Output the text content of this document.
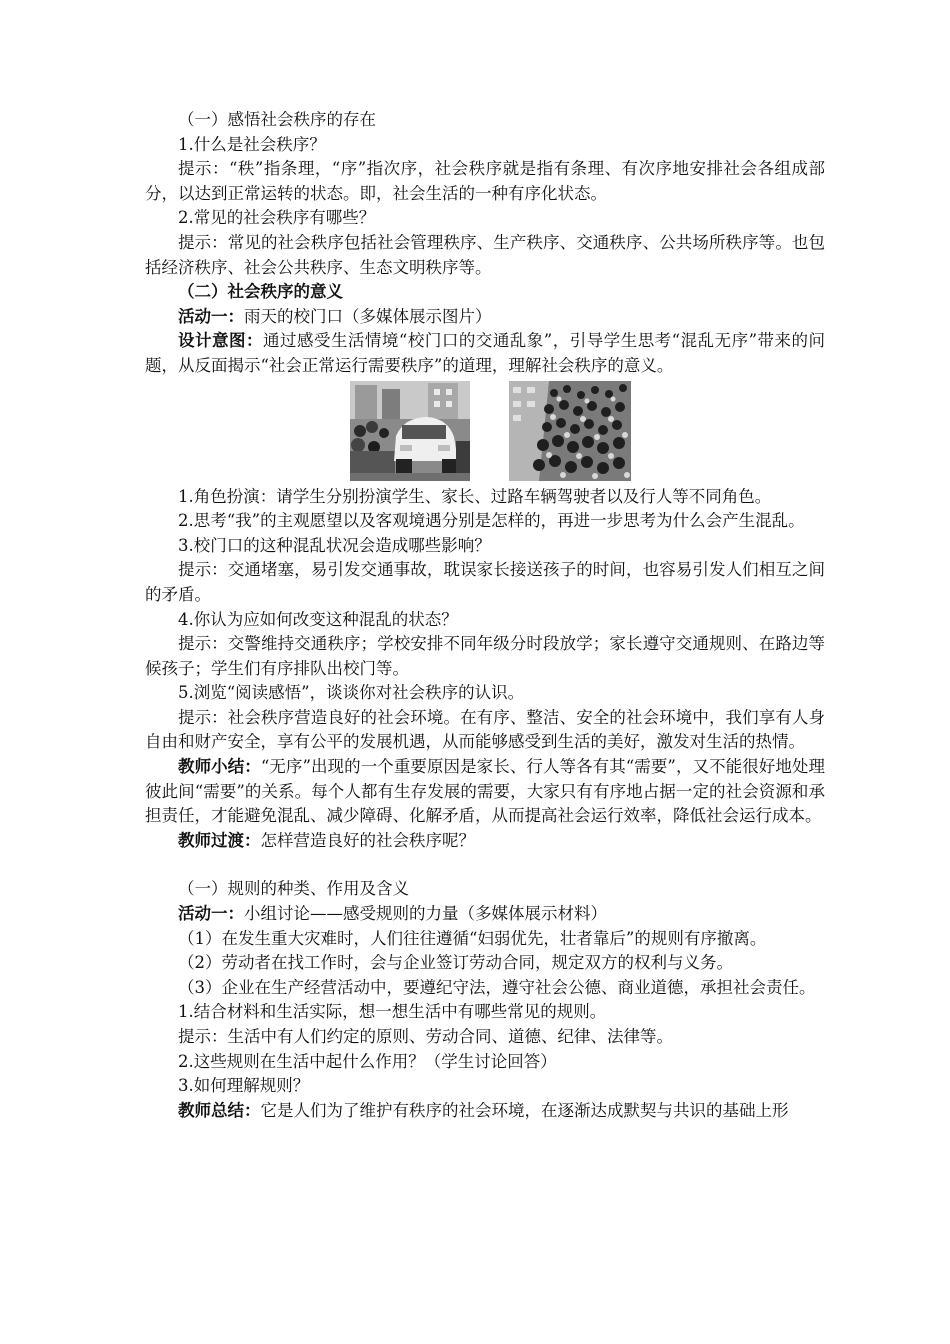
（一）感悟社会秩序的存在

1.什么是社会秩序？

提示：“秩”指条理，“序”指次序，社会秩序就是指有条理、有次序地安排社会各组成部分，以达到正常运转的状态。即，社会生活的一种有序化状态。

2.常见的社会秩序有哪些？

提示：常见的社会秩序包括社会管理秩序、生产秩序、交通秩序、公共场所秩序等。也包括经济秩序、社会公共秩序、生态文明秩序等。

（二）社会秩序的意义

活动一：雨天的校门口（多媒体展示图片）

设计意图：通过感受生活情境“校门口的交通乱象”，引导学生思考“混乱无序”带来的问题，从反面揭示“社会正常运行需要秩序”的道理，理解社会秩序的意义。

1.角色扮演：请学生分别扮演学生、家长、过路车辆驾驶者以及行人等不同角色。

2.思考“我”的主观愿望以及客观境遇分别是怎样的，再进一步思考为什么会产生混乱。

3.校门口的这种混乱状况会造成哪些影响？

提示：交通堵塞，易引发交通事故，耽误家长接送孩子的时间，也容易引发人们相互之间的矛盾。

4.你认为应如何改变这种混乱的状态？

提示：交警维持交通秩序；学校安排不同年级分时段放学；家长遵守交通规则、在路边等候孩子；学生们有序排队出校门等。

5.浏览“阅读感悟”，谈谈你对社会秩序的认识。

提示：社会秩序营造良好的社会环境。在有序、整洁、安全的社会环境中，我们享有人身自由和财产安全，享有公平的发展机遇，从而能够感受到生活的美好，激发对生活的热情。

教师小结：“无序”出现的一个重要原因是家长、行人等各有其“需要”，又不能很好地处理彼此间“需要”的关系。每个人都有生存发展的需要，大家只有有序地占据一定的社会资源和承担责任，才能避免混乱、减少障碍、化解矛盾，从而提高社会运行效率，降低社会运行成本。

教师过渡：怎样营造良好的社会秩序呢？

（一）规则的种类、作用及含义

活动一：小组讨论——感受规则的力量（多媒体展示材料）

（1）在发生重大灾难时，人们往往遵循“妇弱优先，壮者靠后”的规则有序撤离。

（2）劳动者在找工作时，会与企业签订劳动合同，规定双方的权利与义务。

（3）企业在生产经营活动中，要遵纪守法，遵守社会公德、商业道德，承担社会责任。

1.结合材料和生活实际，想一想生活中有哪些常见的规则。

提示：生活中有人们约定的原则、劳动合同、道德、纪律、法律等。

2.这些规则在生活中起什么作用？（学生讨论回答）

3.如何理解规则？

教师总结：它是人们为了维护有秩序的社会环境，在逐渐达成默契与共识的基础上形
